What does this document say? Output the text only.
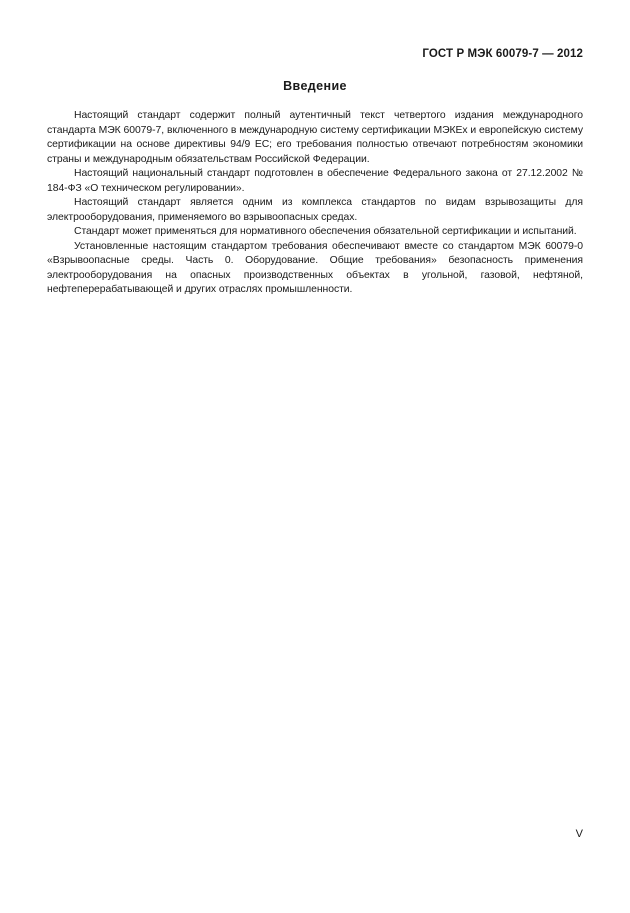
ГОСТ Р МЭК 60079-7 — 2012
Введение

Настоящий стандарт содержит полный аутентичный текст четвертого издания международного стандарта МЭК 60079-7, включенного в международную систему сертификации МЭКЕх и европейскую систему сертификации на основе директивы 94/9 ЕС; его требования полностью отвечают потребностям экономики страны и международным обязательствам Российской Федерации.

Настоящий национальный стандарт подготовлен в обеспечение Федерального закона от 27.12.2002 № 184-ФЗ «О техническом регулировании».

Настоящий стандарт является одним из комплекса стандартов по видам взрывозащиты для электрооборудования, применяемого во взрывоопасных средах.

Стандарт может применяться для нормативного обеспечения обязательной сертификации и испытаний.

Установленные настоящим стандартом требования обеспечивают вместе со стандартом МЭК 60079-0 «Взрывоопасные среды. Часть 0. Оборудование. Общие требования» безопасность применения электрооборудования на опасных производственных объектах в угольной, газовой, нефтяной, нефтеперерабатывающей и других отраслях промышленности.

V
